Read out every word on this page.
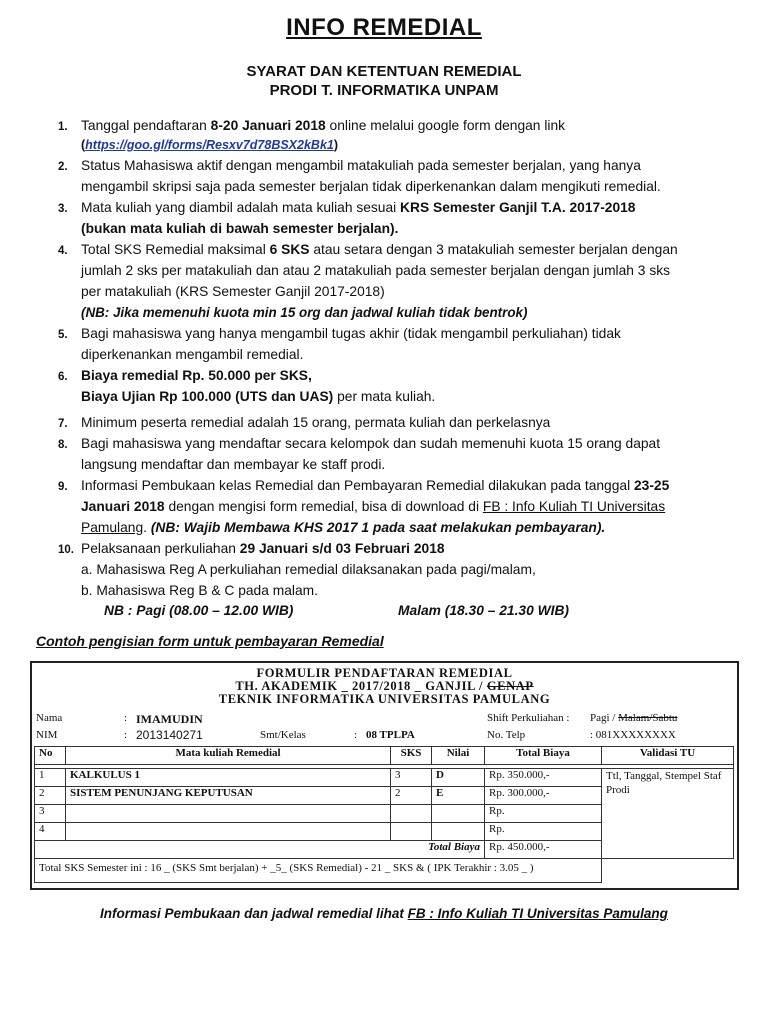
INFO REMEDIAL
SYARAT DAN KETENTUAN REMEDIAL
PRODI T. INFORMATIKA UNPAM
1. Tanggal pendaftaran 8-20 Januari 2018 online melalui google form dengan link
(https://goo.gl/forms/Resxv7d78BSX2kBk1)
2. Status Mahasiswa aktif dengan mengambil matakuliah pada semester berjalan, yang hanya
mengambil skripsi saja pada semester berjalan tidak diperkenankan dalam mengikuti remedial.
3. Mata kuliah yang diambil adalah mata kuliah sesuai KRS Semester Ganjil T.A. 2017-2018
(bukan mata kuliah di bawah semester berjalan).
4. Total SKS Remedial maksimal 6 SKS atau setara dengan 3 matakuliah semester berjalan dengan
jumlah 2 sks per matakuliah dan atau 2 matakuliah pada semester berjalan dengan jumlah 3 sks
per matakuliah (KRS Semester Ganjil 2017-2018)
(NB: Jika memenuhi kuota min 15 org dan jadwal kuliah tidak bentrok)
5. Bagi mahasiswa yang hanya mengambil tugas akhir (tidak mengambil perkuliahan) tidak
diperkenankan mengambil remedial.
6. Biaya remedial Rp. 50.000 per SKS,
Biaya Ujian Rp 100.000 (UTS dan UAS) per mata kuliah.
7. Minimum peserta remedial adalah 15 orang, permata kuliah dan perkelasnya
8. Bagi mahasiswa yang mendaftar secara kelompok dan sudah memenuhi kuota 15 orang dapat
langsung mendaftar dan membayar ke staff prodi.
9. Informasi Pembukaan kelas Remedial dan Pembayaran Remedial dilakukan pada tanggal 23-25
Januari 2018 dengan mengisi form remedial, bisa di download di FB : Info Kuliah TI Universitas
Pamulang. (NB: Wajib Membawa KHS 2017 1 pada saat melakukan pembayaran).
10. Pelaksanaan perkuliahan 29 Januari s/d 03 Februari 2018
a. Mahasiswa Reg A perkuliahan remedial dilaksanakan pada pagi/malam,
b. Mahasiswa Reg B & C pada malam.
NB : Pagi (08.00 – 12.00 WIB)	Malam (18.30 – 21.30 WIB)
Contoh pengisian form untuk pembayaran Remedial
FORMULIR PENDAFTARAN REMEDIAL
TH. AKADEMIK _ 2017/2018 _ GANJIL / GENAP
TEKNIK INFORMATIKA UNIVERSITAS PAMULANG
Nama	: IMAMUDIN	Shift Perkuliahan : Pagi / Malam/Sabtu
NIM	: 2013140271	Smt/Kelas	: 08 TPLPA	No. Telp	: 081XXXXXXXX
No	Mata kuliah Remedial	SKS	Nilai	Total Biaya	Validasi TU

1	KALKULUS 1	3	D	Rp. 350.000,-	Ttl, Tanggal, Stempel Staf Prodi
2	SISTEM PENUNJANG KEPUTUSAN	2	E	Rp. 300.000,-	
3				Rp.	
4				Rp.	
Total Biaya				Rp. 450.000,-	
Total SKS Semester ini : 16 _ (SKS Smt berjalan) + _5_ (SKS Remedial) - 21 _ SKS & ( IPK Terakhir : 3.05 _ )					
Informasi Pembukaan dan jadwal remedial lihat FB : Info Kuliah TI Universitas Pamulang
